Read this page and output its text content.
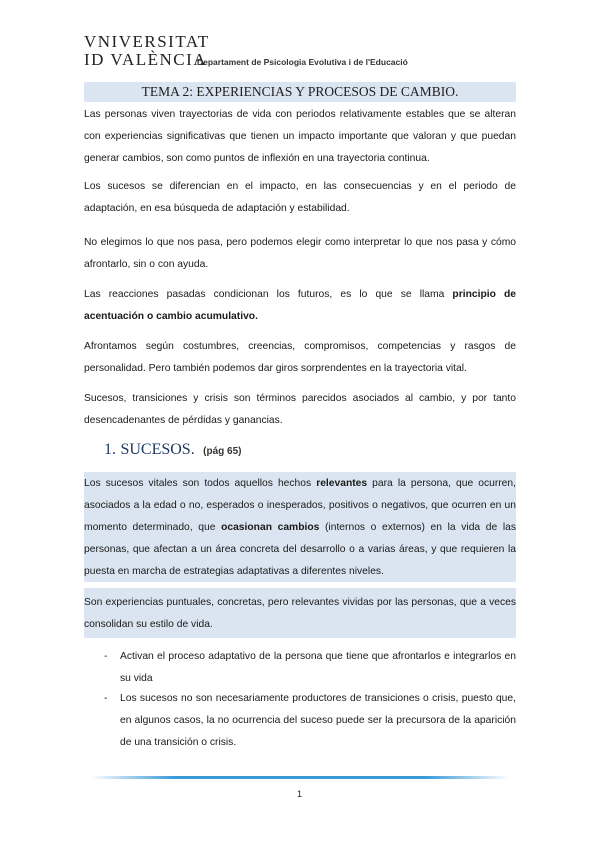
VNIVERSITAT
ID VALÈNCIA
Departament de Psicologia Evolutiva i de l'Educació
TEMA 2: EXPERIENCIAS Y PROCESOS DE CAMBIO.

Las personas viven trayectorias de vida con periodos relativamente estables que se alteran con experiencias significativas que tienen un impacto importante que valoran y que puedan generar cambios, son como puntos de inflexión en una trayectoria continua.

Los sucesos se diferencian en el impacto, en las consecuencias y en el periodo de adaptación, en esa búsqueda de adaptación y estabilidad.

No elegimos lo que nos pasa, pero podemos elegir como interpretar lo que nos pasa y cómo afrontarlo, sin o con ayuda.

Las reacciones pasadas condicionan los futuros, es lo que se llama principio de acentuación o cambio acumulativo.

Afrontamos según costumbres, creencias, compromisos, competencias y rasgos de personalidad. Pero también podemos dar giros sorprendentes en la trayectoria vital.

Sucesos, transiciones y crisis son términos parecidos asociados al cambio, y por tanto desencadenantes de pérdidas y ganancias.

1. SUCESOS. (pág 65)

Los sucesos vitales son todos aquellos hechos relevantes para la persona, que ocurren, asociados a la edad o no, esperados o inesperados, positivos o negativos, que ocurren en un momento determinado, que ocasionan cambios (internos o externos) en la vida de las personas, que afectan a un área concreta del desarrollo o a varias áreas, y que requieren la puesta en marcha de estrategias adaptativas a diferentes niveles.

Son experiencias puntuales, concretas, pero relevantes vividas por las personas, que a veces consolidan su estilo de vida.

- Activan el proceso adaptativo de la persona que tiene que afrontarlos e integrarlos en su vida
- Los sucesos no son necesariamente productores de transiciones o crisis, puesto que, en algunos casos, la no ocurrencia del suceso puede ser la precursora de la aparición de una transición o crisis.
1
